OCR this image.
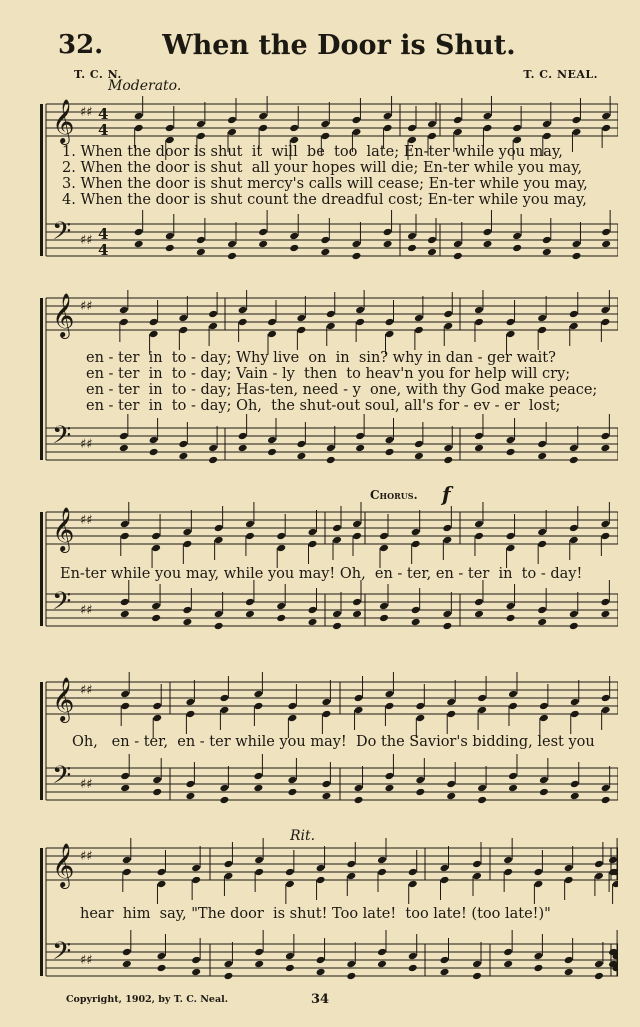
32.	When the Door is Shut.
T. C. N.	T. C. NEAL.
Moderato.
𝄞 ♯♯ 4
4
𝄢 ♯♯ 4
4
1. When the door is shut  it  will  be  too  late; En-ter while you may,
2. When the door is shut  all your hopes will die; En-ter while you may,
3. When the door is shut mercy's calls will cease; En-ter while you may,
4. When the door is shut count the dreadful cost; En-ter while you may,
𝄞 ♯♯
𝄢 ♯♯
en - ter  in  to - day; Why live  on  in  sin? why in dan - ger wait?
en - ter  in  to - day; Vain - ly  then  to heav'n you for help will cry;
en - ter  in  to - day; Has-ten, need - y  one, with thy God make peace;
en - ter  in  to - day; Oh,  the shut-out soul, all's for - ev - er  lost;
𝄞 ♯♯
𝄢 ♯♯
Chorus. f
En-ter while you may, while you may! Oh,  en - ter, en - ter  in  to - day!
𝄞 ♯♯
𝄢 ♯♯
Oh,   en - ter,  en - ter while you may!  Do the Savior's bidding, lest you
𝄞 ♯♯
𝄢 ♯♯
Rit.
hear  him  say, "The door  is shut! Too late!  too late! (too late!)"
Copyright, 1902, by T. C. Neal.	34
